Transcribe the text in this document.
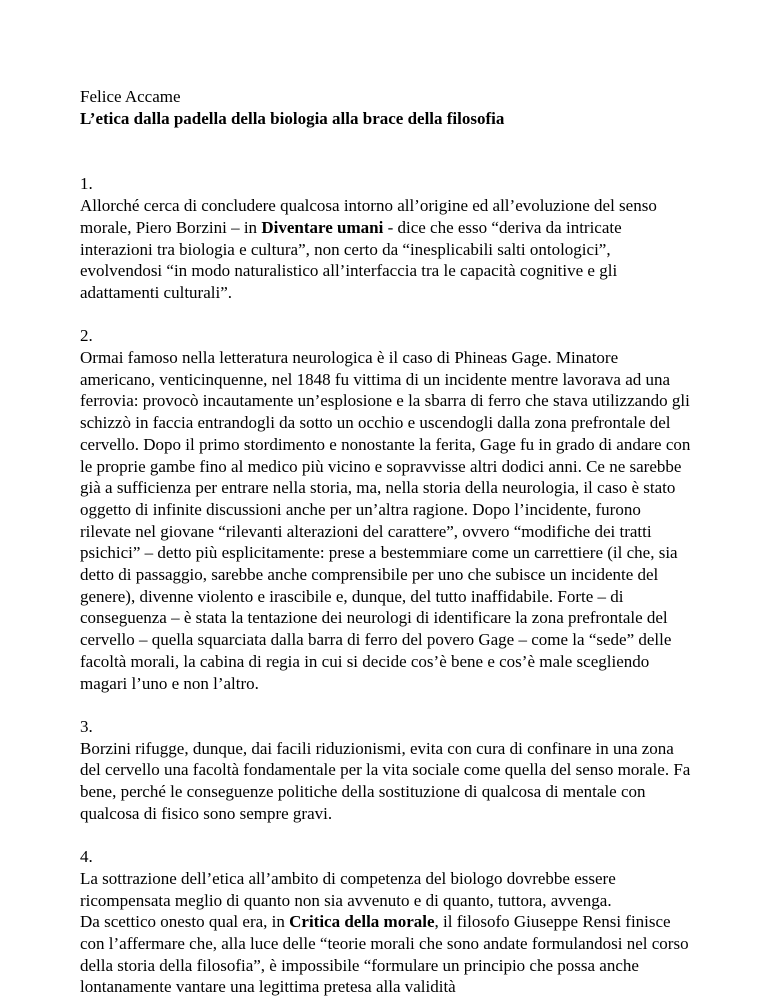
Felice Accame
L’etica dalla padella della biologia alla brace della filosofia
1.
Allorché cerca di concludere qualcosa intorno all’origine ed all’evoluzione del senso morale, Piero Borzini – in Diventare umani - dice che esso “deriva da intricate interazioni tra biologia e cultura”, non certo da “inesplicabili salti ontologici”, evolvendosi “in modo naturalistico all’interfaccia tra le capacità cognitive e gli adattamenti culturali”.
2.
Ormai famoso nella letteratura neurologica è il caso di Phineas Gage. Minatore americano, venticinquenne, nel 1848 fu vittima di un incidente mentre lavorava ad una ferrovia: provocò incautamente un’esplosione e la sbarra di ferro che stava utilizzando gli schizzò in faccia entrandogli da sotto un occhio e uscendogli dalla zona prefrontale del cervello. Dopo il primo stordimento e nonostante la ferita, Gage fu in grado di andare con le proprie gambe fino al medico più vicino e sopravvisse altri dodici anni. Ce ne sarebbe già a sufficienza per entrare nella storia, ma, nella storia della neurologia, il caso è stato oggetto di infinite discussioni anche per un’altra ragione. Dopo l’incidente, furono rilevate nel giovane “rilevanti alterazioni del carattere”, ovvero “modifiche dei tratti psichici” – detto più esplicitamente: prese a bestemmiare come un carrettiere (il che, sia detto di passaggio, sarebbe anche comprensibile per uno che subisce un incidente del genere), divenne violento e irascibile e, dunque, del tutto inaffidabile. Forte – di conseguenza – è stata la tentazione dei neurologi di identificare la zona prefrontale del cervello – quella squarciata dalla barra di ferro del povero Gage – come la “sede” delle facoltà morali, la cabina di regia in cui si decide cos’è bene e cos’è male scegliendo magari l’uno e non l’altro.
3.
Borzini rifugge, dunque, dai facili riduzionismi, evita con cura di confinare in una zona del cervello una facoltà fondamentale per la vita sociale come quella del senso morale. Fa bene, perché le conseguenze politiche della sostituzione di qualcosa di mentale con qualcosa di fisico sono sempre gravi.
4.
La sottrazione dell’etica all’ambito di competenza del biologo dovrebbe essere ricompensata meglio di quanto non sia avvenuto e di quanto, tuttora, avvenga.
Da scettico onesto qual era, in Critica della morale, il filosofo Giuseppe Rensi finisce con l’affermare che, alla luce delle “teorie morali che sono andate formulandosi nel corso della storia della filosofia”, è impossibile “formulare un principio che possa anche lontanamente vantare una legittima pretesa alla validità
